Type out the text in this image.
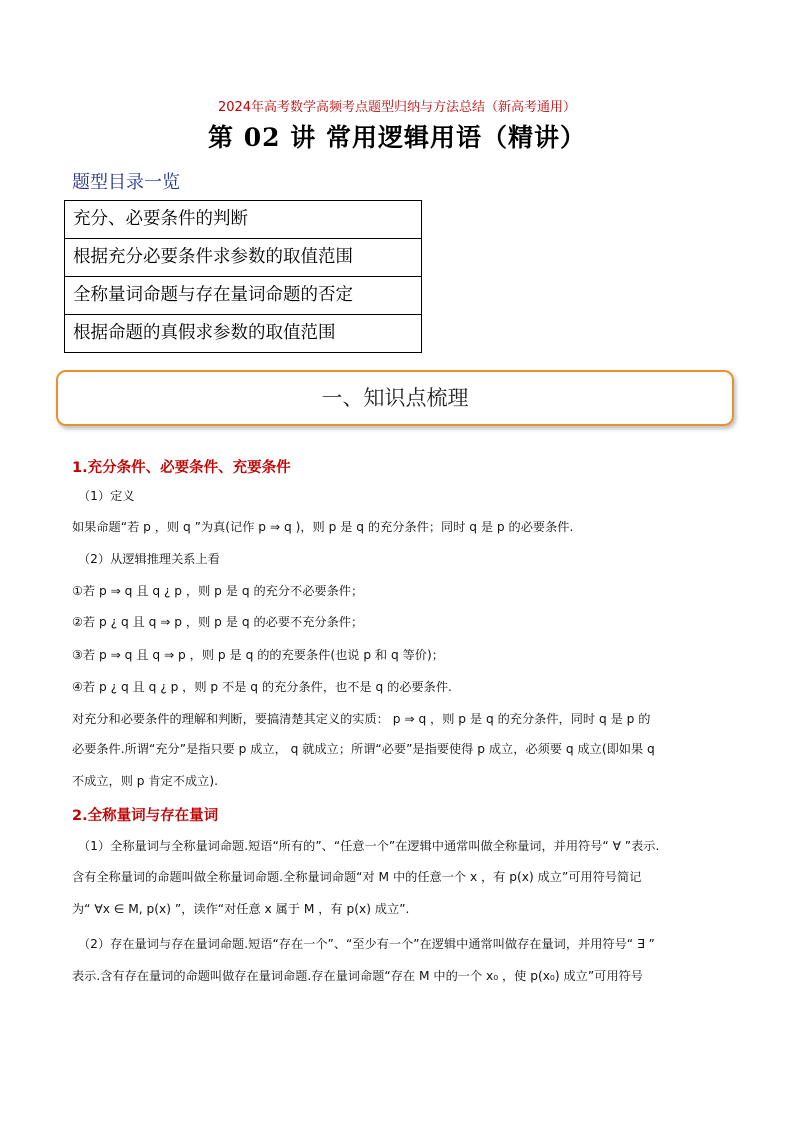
2024年高考数学高频考点题型归纳与方法总结（新高考通用）
第 02 讲 常用逻辑用语（精讲）
题型目录一览
充分、必要条件的判断
根据充分必要条件求参数的取值范围
全称量词命题与存在量词命题的否定
根据命题的真假求参数的取值范围
一、知识点梳理
1.充分条件、必要条件、充要条件
（1）定义
如果命题“若 p ，则 q ”为真(记作 p ⇒ q )，则 p 是 q 的充分条件；同时 q 是 p 的必要条件.
（2）从逻辑推理关系上看
①若 p ⇒ q 且 q ¿ p ，则 p 是 q 的充分不必要条件；
②若 p ¿ q 且 q ⇒ p ，则 p 是 q 的必要不充分条件；
③若 p ⇒ q 且 q ⇒ p ，则 p 是 q 的的充要条件(也说 p 和 q 等价)；
④若 p ¿ q 且 q ¿ p ，则 p 不是 q 的充分条件，也不是 q 的必要条件.
对充分和必要条件的理解和判断，要搞清楚其定义的实质： p ⇒ q ，则 p 是 q 的充分条件，同时 q 是 p 的
必要条件.所谓“充分”是指只要 p 成立， q 就成立；所谓“必要”是指要使得 p 成立，必须要 q 成立(即如果 q
不成立，则 p 肯定不成立).
2.全称量词与存在量词
（1）全称量词与全称量词命题.短语“所有的”、“任意一个”在逻辑中通常叫做全称量词，并用符号“ ∀ ”表示.
含有全称量词的命题叫做全称量词命题.全称量词命题“对 M 中的任意一个 x ，有 p(x) 成立”可用符号简记
为“ ∀x ∈ M, p(x) ”，读作“对任意 x 属于 M ，有 p(x) 成立”.
（2）存在量词与存在量词命题.短语“存在一个”、“至少有一个”在逻辑中通常叫做存在量词，并用符号“ ∃ ”
表示.含有存在量词的命题叫做存在量词命题.存在量词命题“存在 M 中的一个 x₀ ，使 p(x₀) 成立”可用符号
